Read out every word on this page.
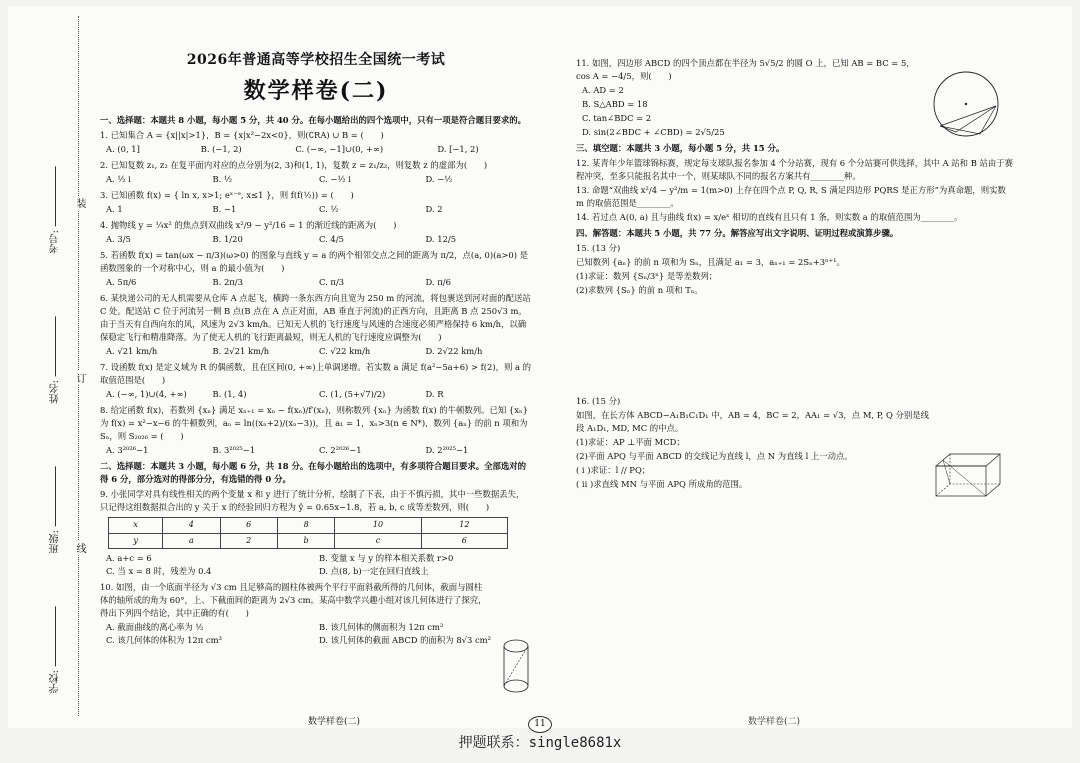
考号:
姓名:
班级:
学校:
装
订
线
2026年普通高等学校招生全国统一考试
数学样卷(二)
一、选择题：本题共 8 小题，每小题 5 分，共 40 分。在每小题给出的四个选项中，只有一项是符合题目要求的。
1. 已知集合 A = {x||x|>1}，B = {x|x²−2x<0}，则(∁RA) ∪ B = (　　)
A. (0, 1]	B. (−1, 2)	C. (−∞, −1]∪(0, +∞)	D. [−1, 2)
2. 已知复数 z₁, z₂ 在复平面内对应的点分别为(2, 3)和(1, 1)，复数 z = z₁/z₂，则复数 z 的虚部为(　　)
A. ½ i	B. ½	C. −½ i	D. −½
3. 已知函数 f(x) = { ln x, x>1; eˣ⁻ᵉ, x≤1 }，则 f(f(½)) = (　　)
A. 1	B. −1	C. ½	D. 2
4. 抛物线 y = ¼x² 的焦点到双曲线 x²/9 − y²/16 = 1 的渐近线的距离为(　　)
A. 3/5	B. 1/20	C. 4/5	D. 12/5
5. 若函数 f(x) = tan(ωx − π/3)(ω>0) 的图象与直线 y = a 的两个相邻交点之间的距离为 π/2，点(a, 0)(a>0) 是函数图象的一个对称中心，则 a 的最小值为(　　)
A. 5π/6	B. 2π/3	C. π/3	D. π/6
6. 某快递公司的无人机需要从仓库 A 点起飞，横跨一条东西方向且宽为 250 m 的河流，将包裹送到河对面的配送站 C 处。配送站 C 位于河流另一侧 B 点(B 点在 A 点正对面，AB 垂直于河流)的正西方向，且距离 B 点 250√3 m。由于当天有自西向东的风，风速为 2√3 km/h。已知无人机的飞行速度与风速的合速度必须严格保持 6 km/h，以确保稳定飞行和精准降落。为了使无人机的飞行距离最短，则无人机的飞行速度应调整为(　　)
A. √21 km/h	B. 2√21 km/h	C. √22 km/h	D. 2√22 km/h
7. 设函数 f(x) 是定义域为 R 的偶函数，且在区间(0, +∞)上单调递增。若实数 a 满足 f(a²−5a+6) > f(2)，则 a 的取值范围是(　　)
A. (−∞, 1)∪(4, +∞)	B. (1, 4)	C. (1, (5+√7)/2)	D. R
8. 给定函数 f(x)，若数列 {xₙ} 满足 xₙ₊₁ = xₙ − f(xₙ)/f′(xₙ)，则称数列 {xₙ} 为函数 f(x) 的牛顿数列。已知 {xₙ} 为 f(x) = x²−x−6 的牛顿数列，aₙ = ln((xₙ+2)/(xₙ−3))，且 a₁ = 1，xₙ>3(n ∈ N*)，数列 {aₙ} 的前 n 项和为 Sₙ，则 S₂₀₂₆ = (　　)
A. 3²⁰²⁶−1	B. 3²⁰²⁵−1	C. 2²⁰²⁶−1	D. 2²⁰²⁵−1
二、选择题：本题共 3 小题，每小题 6 分，共 18 分。在每小题给出的选项中，有多项符合题目要求。全部选对的得 6 分，部分选对的得部分分，有选错的得 0 分。
9. 小张同学对具有线性相关的两个变量 x 和 y 进行了统计分析，绘制了下表，由于不慎污损，其中一些数据丢失，只记得这组数据拟合出的 y 关于 x 的经验回归方程为 ŷ = 0.65x−1.8，若 a, b, c 成等差数列，则(　　)
x	4	6	8	10	12
y	a	2	b	c	6
A. a+c = 6	B. 变量 x 与 y 的样本相关系数 r>0
C. 当 x = 8 时，残差为 0.4	D. 点(8, b)一定在回归直线上
10. 如图，由一个底面半径为 √3 cm 且足够高的圆柱体被两个平行平面斜截所得的几何体，截面与圆柱体的轴所成的角为 60°，上、下截面间的距离为 2√3 cm。某高中数学兴趣小组对该几何体进行了探究，得出下列四个结论，其中正确的有(　　)
A. 截面曲线的离心率为 ½	B. 该几何体的侧面积为 12π cm²
C. 该几何体的体积为 12π cm³	D. 该几何体的截面 ABCD 的面积为 8√3 cm²
11. 如图，四边形 ABCD 的四个顶点都在半径为 5√5/2 的圆 O 上，已知 AB = BC = 5，cos A = −4/5，则(　　)
A. AD = 2
B. S△ABD = 18
C. tan∠BDC = 2
D. sin(2∠BDC + ∠CBD) = 2√5/25
三、填空题：本题共 3 小题，每小题 5 分，共 15 分。
12. 某青年少年篮球锦标赛，规定每支球队报名参加 4 个分站赛，现有 6 个分站赛可供选择，其中 A 站和 B 站由于赛程冲突，至多只能报名其中一个，则某球队不同的报名方案共有________种。
13. 命题“双曲线 x²/4 − y²/m = 1(m>0) 上存在四个点 P, Q, R, S 满足四边形 PQRS 是正方形”为真命题，则实数 m 的取值范围是________。
14. 若过点 A(0, a) 且与曲线 f(x) = x/eˣ 相切的直线有且只有 1 条，则实数 a 的取值范围为________。
四、解答题：本题共 5 小题，共 77 分。解答应写出文字说明、证明过程或演算步骤。
15. (13 分)
已知数列 {aₙ} 的前 n 项和为 Sₙ，且满足 a₁ = 3，aₙ₊₁ = 2Sₙ+3ⁿ⁺¹。
(1)求证：数列 {Sₙ/3ⁿ} 是等差数列；
(2)求数列 {Sₙ} 的前 n 项和 Tₙ。
16. (15 分)
如图，在长方体 ABCD−A₁B₁C₁D₁ 中，AB = 4，BC = 2，AA₁ = √3，点 M, P, Q 分别是线段 A₁D₁, MD, MC 的中点。
(1)求证：AP ⊥平面 MCD；
(2)平面 APQ 与平面 ABCD 的交线记为直线 l，点 N 为直线 l 上一动点。
( i )求证：l // PQ；
( ii )求直线 MN 与平面 APQ 所成角的范围。
数学样卷(二)	数学样卷(二)
11
押题联系：single8681x
